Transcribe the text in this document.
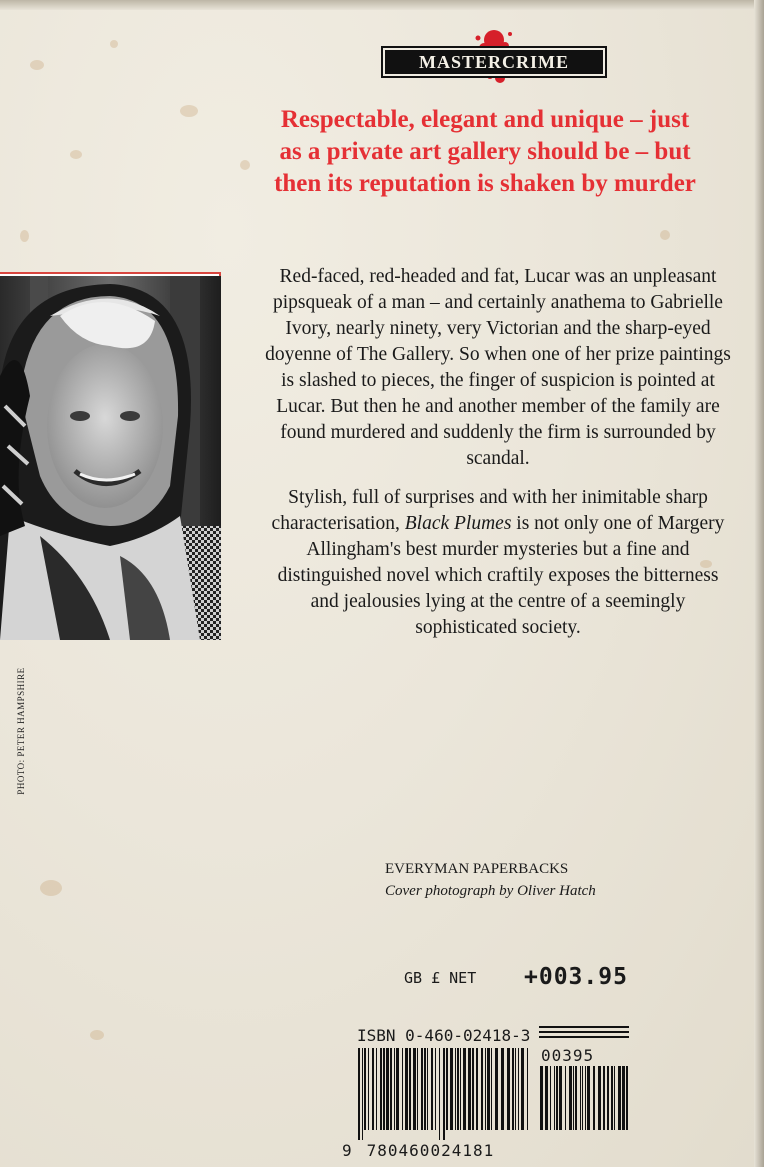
MASTERCRIME
Respectable, elegant and unique – just as a private art gallery should be – but then its reputation is shaken by murder
PHOTO: PETER HAMPSHIRE

Red-faced, red-headed and fat, Lucar was an unpleasant pipsqueak of a man – and certainly anathema to Gabrielle Ivory, nearly ninety, very Victorian and the sharp-eyed doyenne of The Gallery. So when one of her prize paintings is slashed to pieces, the finger of suspicion is pointed at Lucar. But then he and another member of the family are found murdered and suddenly the firm is surrounded by scandal.

Stylish, full of surprises and with her inimitable sharp characterisation, Black Plumes is not only one of Margery Allingham's best murder mysteries but a fine and distinguished novel which craftily exposes the bitterness and jealousies lying at the centre of a seemingly sophisticated society.

EVERYMAN PAPERBACKS
Cover photograph by Oliver Hatch
GB £ NET +003.95
ISBN 0-460-02418-3
00395
9 780460024181
